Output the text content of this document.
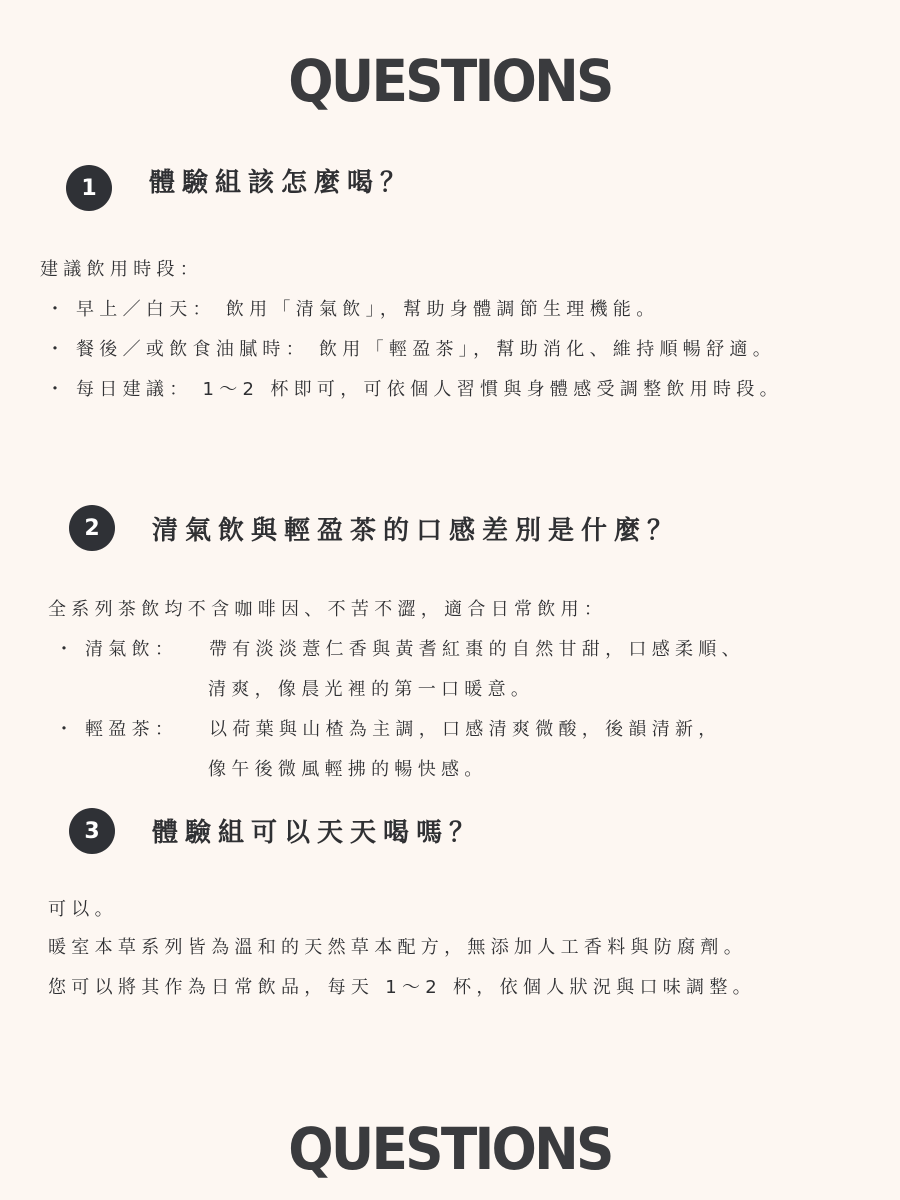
QUESTIONS
1	體驗組該怎麼喝？
建議飲用時段：
・ 早上／白天： 飲用「清氣飲」，幫助身體調節生理機能。
・ 餐後／或飲食油膩時： 飲用「輕盈茶」，幫助消化、維持順暢舒適。
・ 每日建議： 1～2 杯即可，可依個人習慣與身體感受調整飲用時段。
2	清氣飲與輕盈茶的口感差別是什麼？
全系列茶飲均不含咖啡因、不苦不澀，適合日常飲用：
・ 清氣飲： 帶有淡淡薏仁香與黃耆紅棗的自然甘甜，口感柔順、
清爽，像晨光裡的第一口暖意。
・ 輕盈茶： 以荷葉與山楂為主調，口感清爽微酸，後韻清新，
像午後微風輕拂的暢快感。
3	體驗組可以天天喝嗎？
可以。
暖室本草系列皆為溫和的天然草本配方，無添加人工香料與防腐劑。
您可以將其作為日常飲品，每天 1～2 杯，依個人狀況與口味調整。
QUESTIONS
